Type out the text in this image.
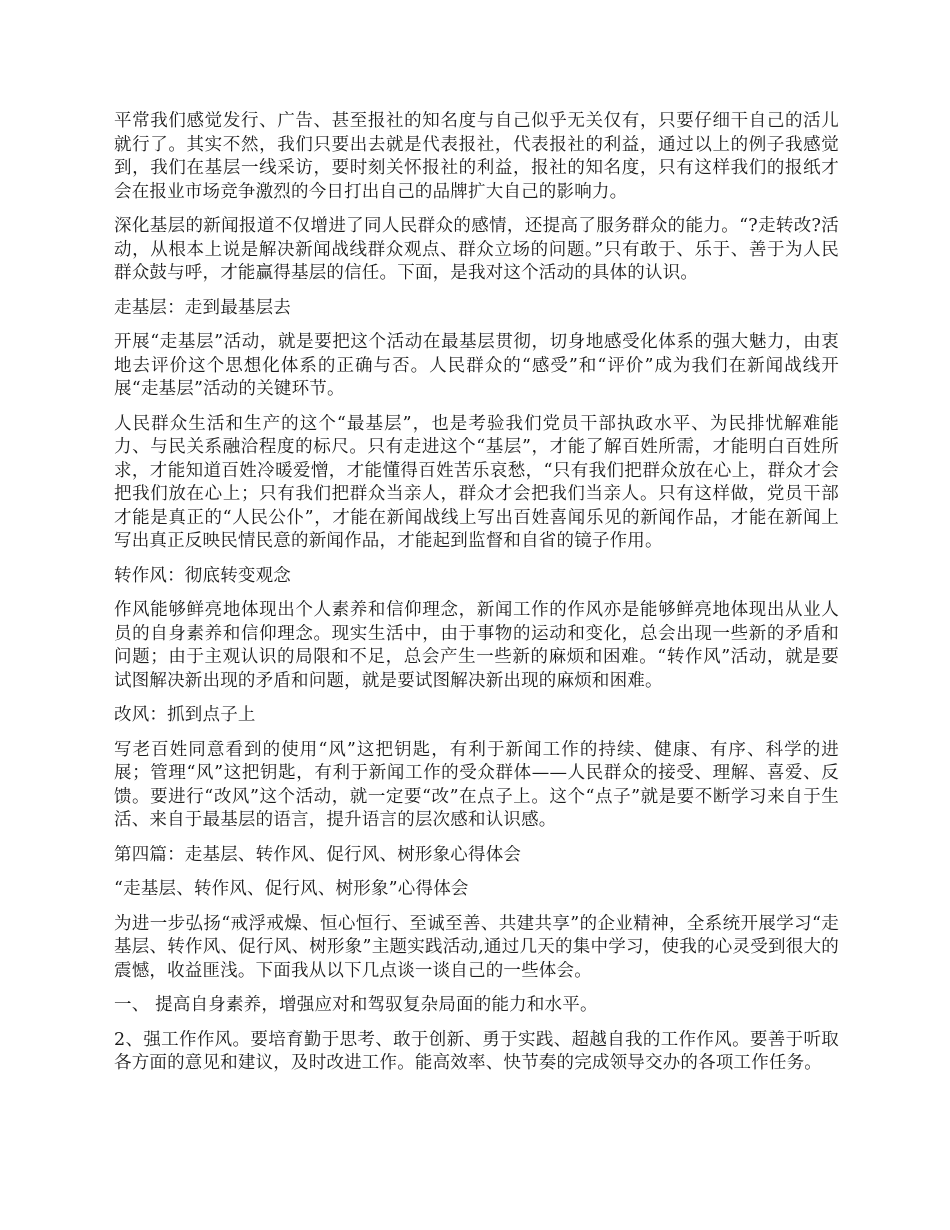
平常我们感觉发行、广告、甚至报社的知名度与自己似乎无关仅有，只要仔细干自己的活儿就行了。其实不然，我们只要出去就是代表报社，代表报社的利益，通过以上的例子我感觉到，我们在基层一线采访，要时刻关怀报社的利益，报社的知名度，只有这样我们的报纸才会在报业市场竞争激烈的今日打出自己的品牌扩大自己的影响力。

深化基层的新闻报道不仅增进了同人民群众的感情，还提高了服务群众的能力。“?走转改?活动，从根本上说是解决新闻战线群众观点、群众立场的问题。”只有敢于、乐于、善于为人民群众鼓与呼，才能赢得基层的信任。下面，是我对这个活动的具体的认识。

走基层：走到最基层去

开展“走基层”活动，就是要把这个活动在最基层贯彻，切身地感受化体系的强大魅力，由衷地去评价这个思想化体系的正确与否。人民群众的“感受”和“评价”成为我们在新闻战线开展“走基层”活动的关键环节。

人民群众生活和生产的这个“最基层”，也是考验我们党员干部执政水平、为民排忧解难能力、与民关系融洽程度的标尺。只有走进这个“基层”，才能了解百姓所需，才能明白百姓所求，才能知道百姓冷暖爱憎，才能懂得百姓苦乐哀愁，“只有我们把群众放在心上，群众才会把我们放在心上；只有我们把群众当亲人，群众才会把我们当亲人。只有这样做，党员干部才能是真正的“人民公仆”，才能在新闻战线上写出百姓喜闻乐见的新闻作品，才能在新闻上写出真正反映民情民意的新闻作品，才能起到监督和自省的镜子作用。

转作风：彻底转变观念

作风能够鲜亮地体现出个人素养和信仰理念，新闻工作的作风亦是能够鲜亮地体现出从业人员的自身素养和信仰理念。现实生活中，由于事物的运动和变化，总会出现一些新的矛盾和问题；由于主观认识的局限和不足，总会产生一些新的麻烦和困难。“转作风”活动，就是要试图解决新出现的矛盾和问题，就是要试图解决新出现的麻烦和困难。

改风：抓到点子上

写老百姓同意看到的使用“风”这把钥匙，有利于新闻工作的持续、健康、有序、科学的进展；管理“风”这把钥匙，有利于新闻工作的受众群体——人民群众的接受、理解、喜爱、反馈。要进行“改风”这个活动，就一定要“改”在点子上。这个“点子”就是要不断学习来自于生活、来自于最基层的语言，提升语言的层次感和认识感。

第四篇：走基层、转作风、促行风、树形象心得体会

“走基层、转作风、促行风、树形象”心得体会

为进一步弘扬“戒浮戒燥、恒心恒行、至诚至善、共建共享”的企业精神，全系统开展学习“走基层、转作风、促行风、树形象”主题实践活动,通过几天的集中学习，使我的心灵受到很大的震憾，收益匪浅。下面我从以下几点谈一谈自己的一些体会。

一、 提高自身素养，增强应对和驾驭复杂局面的能力和水平。

2、强工作作风。要培育勤于思考、敢于创新、勇于实践、超越自我的工作作风。要善于听取各方面的意见和建议，及时改进工作。能高效率、快节奏的完成领导交办的各项工作任务。
